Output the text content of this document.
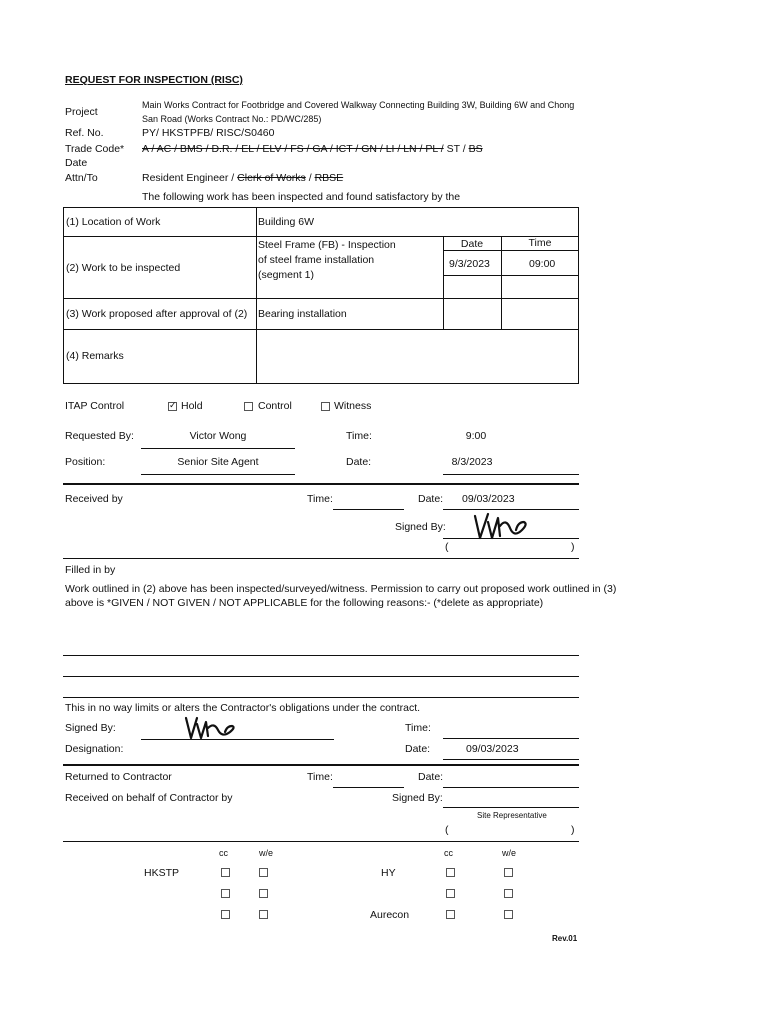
REQUEST FOR INSPECTION (RISC)
Project
Main Works Contract for Footbridge and Covered Walkway Connecting Building 3W, Building 6W and Chong
San Road (Works Contract No.: PD/WC/285)
Ref. No.	PY/ HKSTPFB/ RISC/S0460
Trade Code* A / AC / BMS / D.R. / EL / ELV / FS / GA / ICT / GN / LI / LN / PL / ST / BS
Date
Attn/To	Resident Engineer / Clerk of Works / RBSE
The following work has been inspected and found satisfactory by the
(1) Location of Work	Building 6W
(2) Work to be inspected
Steel Frame (FB) - Inspection
of steel frame installation
(segment 1)
Date	Time
9/3/2023	09:00
(3) Work proposed after approval of (2) Bearing installation
(4) Remarks
ITAP Control
✓	Hold	Control	Witness
Requested By:	Victor Wong	Time:	9:00
Position:	Senior Site Agent	Date:	8/3/2023
Received by	Time:	Date: 09/03/2023
Signed By:
(	)
Filled in by
Work outlined in (2) above has been inspected/surveyed/witness. Permission to carry out proposed work outlined in (3)
above is *GIVEN / NOT GIVEN / NOT APPLICABLE for the following reasons:- (*delete as appropriate)
This in no way limits or alters the Contractor's obligations under the contract.
Signed By:	Time:
Designation:	Date:	09/03/2023
Returned to Contractor	Time:	Date:
Received on behalf of Contractor by	Signed By:
Site Representative
(	)
cc	w/e	cc	w/e
HKSTP	HY
Aurecon
Rev.01
